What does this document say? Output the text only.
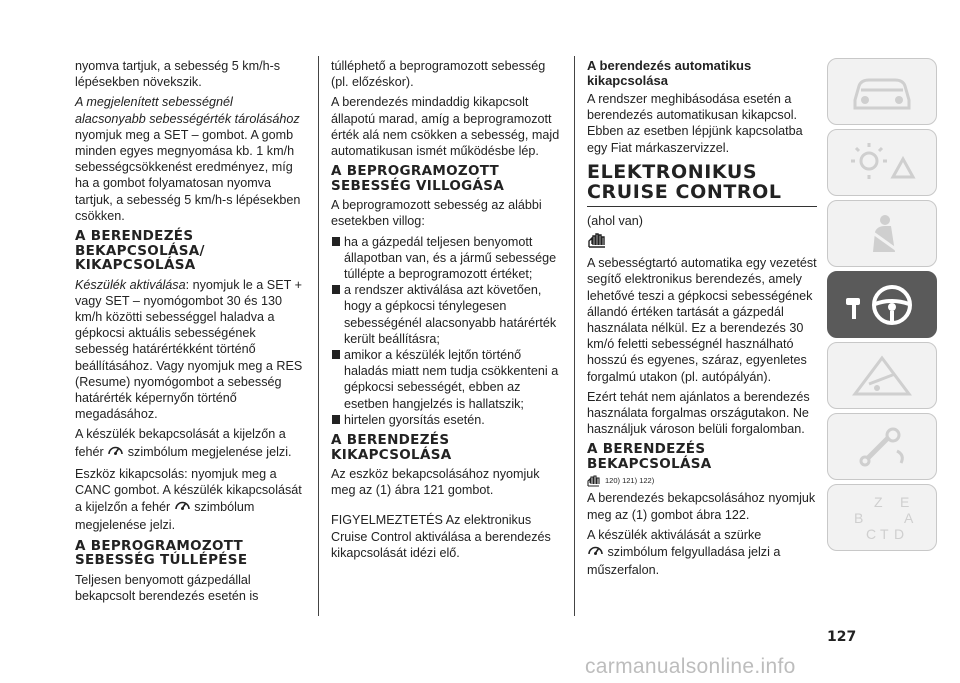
nyomva tartjuk, a sebesség 5 km/h-s lépésekben növekszik.

A megjelenített sebességnél alacsonyabb sebességérték tárolásához nyomjuk meg a SET – gombot. A gomb minden egyes megnyomása kb. 1 km/h sebességcsökkenést eredményez, míg ha a gombot folyamatosan nyomva tartjuk, a sebesség 5 km/h-s lépésekben csökken.

A BERENDEZÉS BEKAPCSOLÁSA/ KIKAPCSOLÁSA

Készülék aktiválása: nyomjuk le a SET + vagy SET – nyomógombot 30 és 130 km/h közötti sebességgel haladva a gépkocsi aktuális sebességének sebesség határértékként történő beállításához. Vagy nyomjuk meg a RES (Resume) nyomógombot a sebesség határérték képernyőn történő megadásához.

A készülék bekapcsolását a kijelzőn a fehér szimbólum megjelenése jelzi.

Eszköz kikapcsolás: nyomjuk meg a CANC gombot. A készülék kikapcsolását a kijelzőn a fehér szimbólum megjelenése jelzi.

A BEPROGRAMOZOTT SEBESSÉG TÚLLÉPÉSE

Teljesen benyomott gázpedállal bekapcsolt berendezés esetén is

túlléphető a beprogramozott sebesség (pl. előzéskor).

A berendezés mindaddig kikapcsolt állapotú marad, amíg a beprogramozott érték alá nem csökken a sebesség, majd automatikusan ismét működésbe lép.

A BEPROGRAMOZOTT SEBESSÉG VILLOGÁSA

A beprogramozott sebesség az alábbi esetekben villog:

ha a gázpedál teljesen benyomott állapotban van, és a jármű sebessége túllépte a beprogramozott értéket;
a rendszer aktiválása azt követően, hogy a gépkocsi ténylegesen sebességénél alacsonyabb határérték került beállításra;
amikor a készülék lejtőn történő haladás miatt nem tudja csökkenteni a gépkocsi sebességét, ebben az esetben hangjelzés is hallatszik;
hirtelen gyorsítás esetén.
A BERENDEZÉS KIKAPCSOLÁSA

Az eszköz bekapcsolásához nyomjuk meg az (1) ábra 121 gombot.

FIGYELMEZTETÉS Az elektronikus Cruise Control aktiválása a berendezés kikapcsolását idézi elő.

A berendezés automatikus kikapcsolása

A rendszer meghibásodása esetén a berendezés automatikusan kikapcsol. Ebben az esetben lépjünk kapcsolatba egy Fiat márkaszervizzel.

ELEKTRONIKUS CRUISE CONTROL

(ahol van)

A sebességtartó automatika egy vezetést segítő elektronikus berendezés, amely lehetővé teszi a gépkocsi sebességének állandó értéken tartását a gázpedál használata nélkül. Ez a berendezés 30 km/ó feletti sebességnél használható hosszú és egyenes, száraz, egyenletes forgalmú utakon (pl. autópályán).

Ezért tehát nem ajánlatos a berendezés használata forgalmas országutakon. Ne használjuk városon belüli forgalomban.

A BERENDEZÉS BEKAPCSOLÁSA
120) 121) 122)

A berendezés bekapcsolásához nyomjuk meg az (1) gombot ábra 122.

A készülék aktiválását a szürke
szimbólum felgyulladása jelzi a műszerfalon.

Z E
B	A
C T D
127
carmanualsonline.info
